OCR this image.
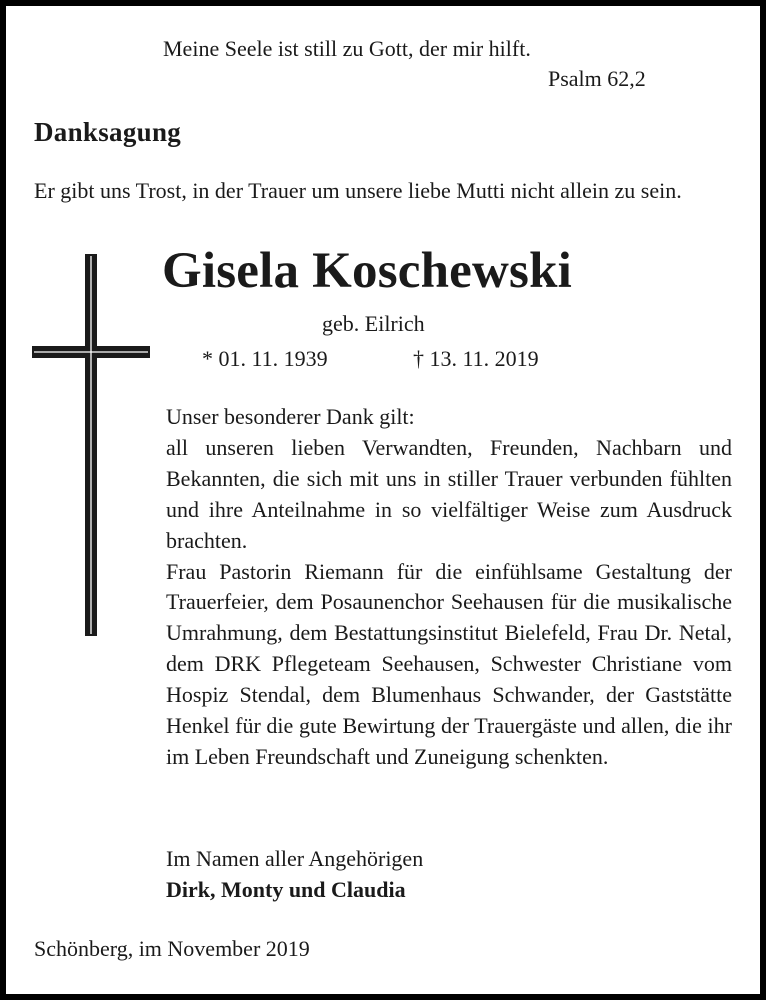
Meine Seele ist still zu Gott, der mir hilft.
Psalm 62,2
Danksagung
Er gibt uns Trost, in der Trauer um unsere liebe Mutti nicht allein zu sein.
Gisela Koschewski
geb. Eilrich
* 01. 11. 1939	† 13. 11. 2019

Unser besonderer Dank gilt:

all unseren lieben Verwandten, Freunden, Nachbarn und Bekannten, die sich mit uns in stiller Trauer verbunden fühlten und ihre Anteilnahme in so vielfältiger Weise zum Ausdruck brachten.

Frau Pastorin Riemann für die einfühlsame Gestaltung der Trauerfeier, dem Posaunenchor Seehausen für die musikalische Umrahmung, dem Bestattungsinstitut Bielefeld, Frau Dr. Netal, dem DRK Pflegeteam Seehausen, Schwester Christiane vom Hospiz Stendal, dem Blumenhaus Schwander, der Gaststätte Henkel für die gute Bewirtung der Trauergäste und allen, die ihr im Leben Freundschaft und Zuneigung schenkten.

Im Namen aller Angehörigen
Dirk, Monty und Claudia
Schönberg, im November 2019
